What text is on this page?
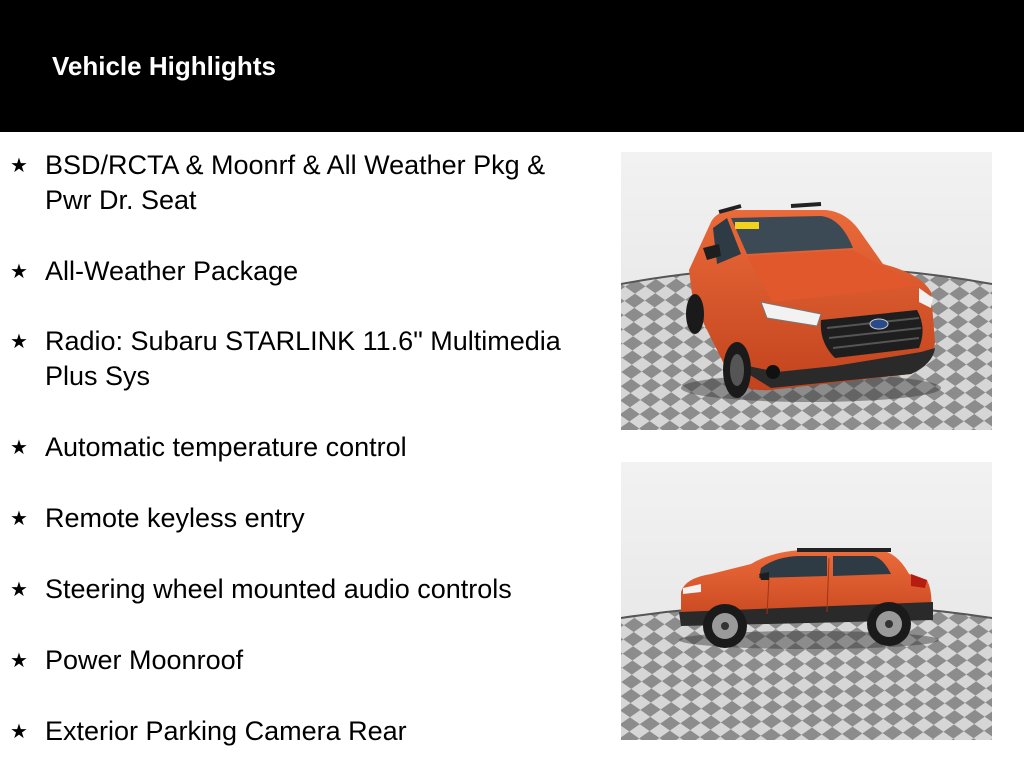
Vehicle Highlights
★ BSD/RCTA & Moonrf & All Weather Pkg & Pwr Dr. Seat
★ All-Weather Package
★ Radio: Subaru STARLINK 11.6" Multimedia Plus Sys
★ Automatic temperature control
★ Remote keyless entry
★ Steering wheel mounted audio controls
★ Power Moonroof
★ Exterior Parking Camera Rear
